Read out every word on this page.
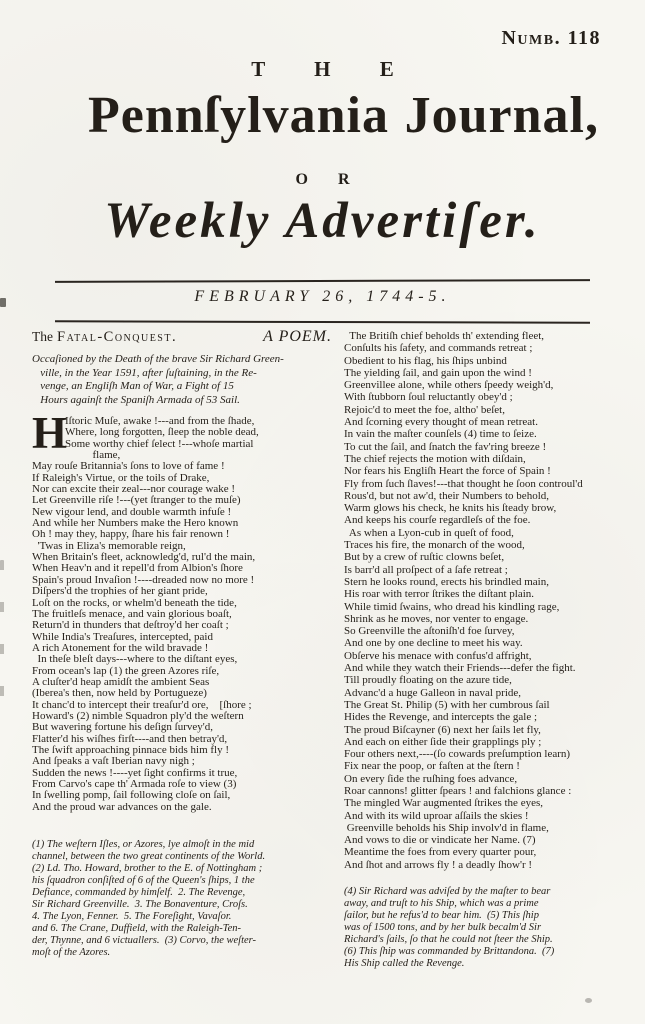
Numb. 118
T H E
Pennſylvania Journal,
O R
Weekly Advertiſer.
FEBRUARY 26, 1744-5.
The Fatal-Conquest.	A POEM.
Occaſioned by the Death of the brave Sir Richard Green-
ville, in the Year 1591, after ſuſtaining, in the Re-
venge, an Engliſh Man of War, a Fight of 15
Hours againſt the Spaniſh Armada of 53 Sail.
H
Iſtoric Muſe, awake !---and from the ſhade,
Where, long forgotten, ſleep the noble dead,
Some worthy chief ſelect !---whoſe martial
flame,
May rouſe Britannia's ſons to love of fame !
If Raleigh's Virtue, or the toils of Drake,
Nor can excite their zeal---nor courage wake !
Let Greenville riſe !---(yet ſtranger to the muſe)
New vigour lend, and double warmth infuſe !
And while her Numbers make the Hero known
Oh ! may they, happy, ſhare his fair renown !
'Twas in Eliza's memorable reign,
When Britain's fleet, acknowledg'd, rul'd the main,
When Heav'n and it repell'd from Albion's ſhore
Spain's proud Invaſion !----dreaded now no more !
Diſpers'd the trophies of her giant pride,
Loſt on the rocks, or whelm'd beneath the tide,
The fruitleſs menace, and vain glorious boaſt,
Return'd in thunders that deſtroy'd her coaſt ;
While India's Treaſures, intercepted, paid
A rich Atonement for the wild bravade !
In theſe bleſt days---where to the diſtant eyes,
From ocean's lap (1) the green Azores riſe,
A cluſter'd heap amidſt the ambient Seas
(Iberea's then, now held by Portugueze)
It chanc'd to intercept their treaſur'd ore,    [ſhore ;
Howard's (2) nimble Squadron ply'd the weſtern
But wavering fortune his deſign ſurvey'd,
Flatter'd his wiſhes firſt----and then betray'd,
The ſwift approaching pinnace bids him fly !
And ſpeaks a vaſt Iberian navy nigh ;
Sudden the news !----yet ſight confirms it true,
From Carvo's cape th' Armada roſe to view (3)
In ſwelling pomp, ſail following cloſe on ſail,
And the proud war advances on the gale.
(1) The weſtern Iſles, or Azores, lye almoſt in the mid
channel, between the two great continents of the World.
(2) Ld. Tho. Howard, brother to the E. of Nottingham ;
his ſquadron conſiſted of 6 of the Queen's ſhips, 1 the
Defiance, commanded by himſelf.  2. The Revenge,
Sir Richard Greenville.  3. The Bonaventure, Croſs.
4. The Lyon, Fenner.  5. The Foreſight, Vavaſor.
and 6. The Crane, Duffield, with the Raleigh-Ten-
der, Thynne, and 6 victuallers.  (3) Corvo, the weſter-
moſt of the Azores.
The Britiſh chief beholds th' extending fleet,
Conſults his ſafety, and commands retreat ;
Obedient to his flag, his ſhips unbind
The yielding ſail, and gain upon the wind !
Greenvillee alone, while others ſpeedy weigh'd,
With ſtubborn ſoul reluctantly obey'd ;
Rejoic'd to meet the foe, altho' beſet,
And ſcorning every thought of mean retreat.
In vain the maſter counſels (4) time to ſeize.
To cut the ſail, and ſnatch the fav'ring breeze !
The chief rejects the motion with diſdain,
Nor fears his Engliſh Heart the force of Spain !
Fly from ſuch ſlaves!---that thought he ſoon controul'd
Rous'd, but not aw'd, their Numbers to behold,
Warm glows his check, he knits his ſteady brow,
And keeps his courſe regardleſs of the foe.
As when a Lyon-cub in queſt of food,
Traces his fire, the monarch of the wood,
But by a crew of ruſtic clowns beſet,
Is barr'd all proſpect of a ſafe retreat ;
Stern he looks round, erects his brindled main,
His roar with terror ſtrikes the diſtant plain.
While timid ſwains, who dread his kindling rage,
Shrink as he moves, nor venter to engage.
So Greenville the aſtoniſh'd foe ſurvey,
And one by one decline to meet his way.
Obſerve his menace with confus'd affright,
And while they watch their Friends---defer the fight.
Till proudly floating on the azure tide,
Advanc'd a huge Galleon in naval pride,
The Great St. Philip (5) with her cumbrous ſail
Hides the Revenge, and intercepts the gale ;
The proud Biſcayner (6) next her ſails let fly,
And each on either ſide their grapplings ply ;
Four others next,----(ſo cowards preſumption learn)
Fix near the poop, or faſten at the ſtern !
On every ſide the ruſhing foes advance,
Roar cannons! glitter ſpears ! and falchions glance :
The mingled War augmented ſtrikes the eyes,
And with its wild uproar aſſails the skies !
Greenville beholds his Ship involv'd in flame,
And vows to die or vindicate her Name. (7)
Meantime the foes from every quarter pour,
And ſhot and arrows fly ! a deadly ſhow'r !
(4) Sir Richard was adviſed by the maſter to bear
away, and truſt to his Ship, which was a prime
ſailor, but he refus'd to bear him.  (5) This ſhip
was of 1500 tons, and by her bulk becalm'd Sir
Richard's ſails, ſo that he could not ſteer the Ship.
(6) This ſhip was commanded by Brittandona.  (7)
His Ship called the Revenge.
